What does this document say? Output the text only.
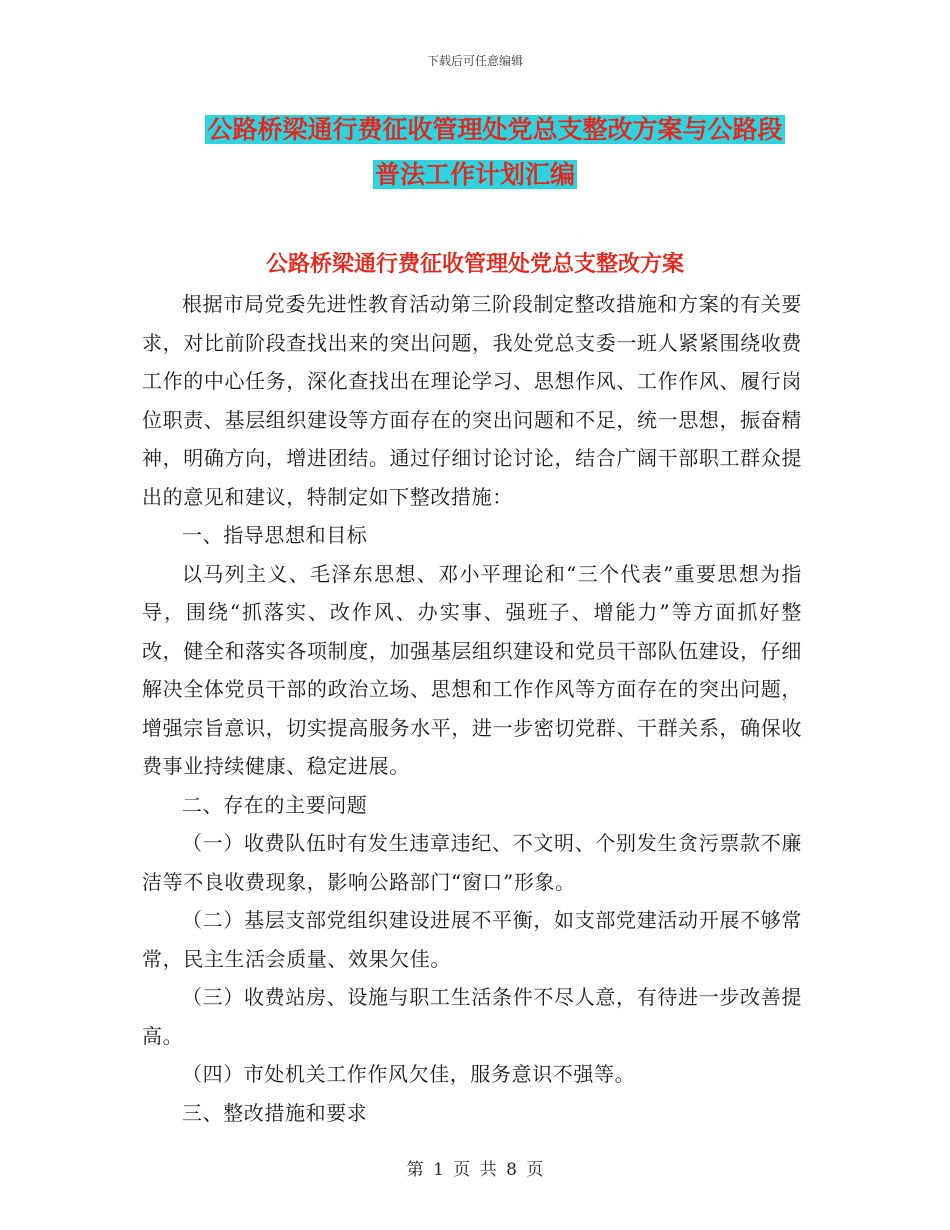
下载后可任意编辑
公路桥梁通行费征收管理处党总支整改方案与公路段
普法工作计划汇编
公路桥梁通行费征收管理处党总支整改方案

根据市局党委先进性教育活动第三阶段制定整改措施和方案的有关要求，对比前阶段查找出来的突出问题，我处党总支委一班人紧紧围绕收费工作的中心任务，深化查找出在理论学习、思想作风、工作作风、履行岗位职责、基层组织建设等方面存在的突出问题和不足，统一思想，振奋精神，明确方向，增进团结。通过仔细讨论讨论，结合广阔干部职工群众提出的意见和建议，特制定如下整改措施：

一、指导思想和目标

以马列主义、毛泽东思想、邓小平理论和“三个代表”重要思想为指导，围绕“抓落实、改作风、办实事、强班子、增能力”等方面抓好整改，健全和落实各项制度，加强基层组织建设和党员干部队伍建设，仔细解决全体党员干部的政治立场、思想和工作作风等方面存在的突出问题，增强宗旨意识，切实提高服务水平，进一步密切党群、干群关系，确保收费事业持续健康、稳定进展。

二、存在的主要问题

（一）收费队伍时有发生违章违纪、不文明、个别发生贪污票款不廉洁等不良收费现象，影响公路部门“窗口”形象。

（二）基层支部党组织建设进展不平衡，如支部党建活动开展不够常常，民主生活会质量、效果欠佳。

（三）收费站房、设施与职工生活条件不尽人意，有待进一步改善提高。

（四）市处机关工作作风欠佳，服务意识不强等。

三、整改措施和要求

第 1 页 共 8 页
